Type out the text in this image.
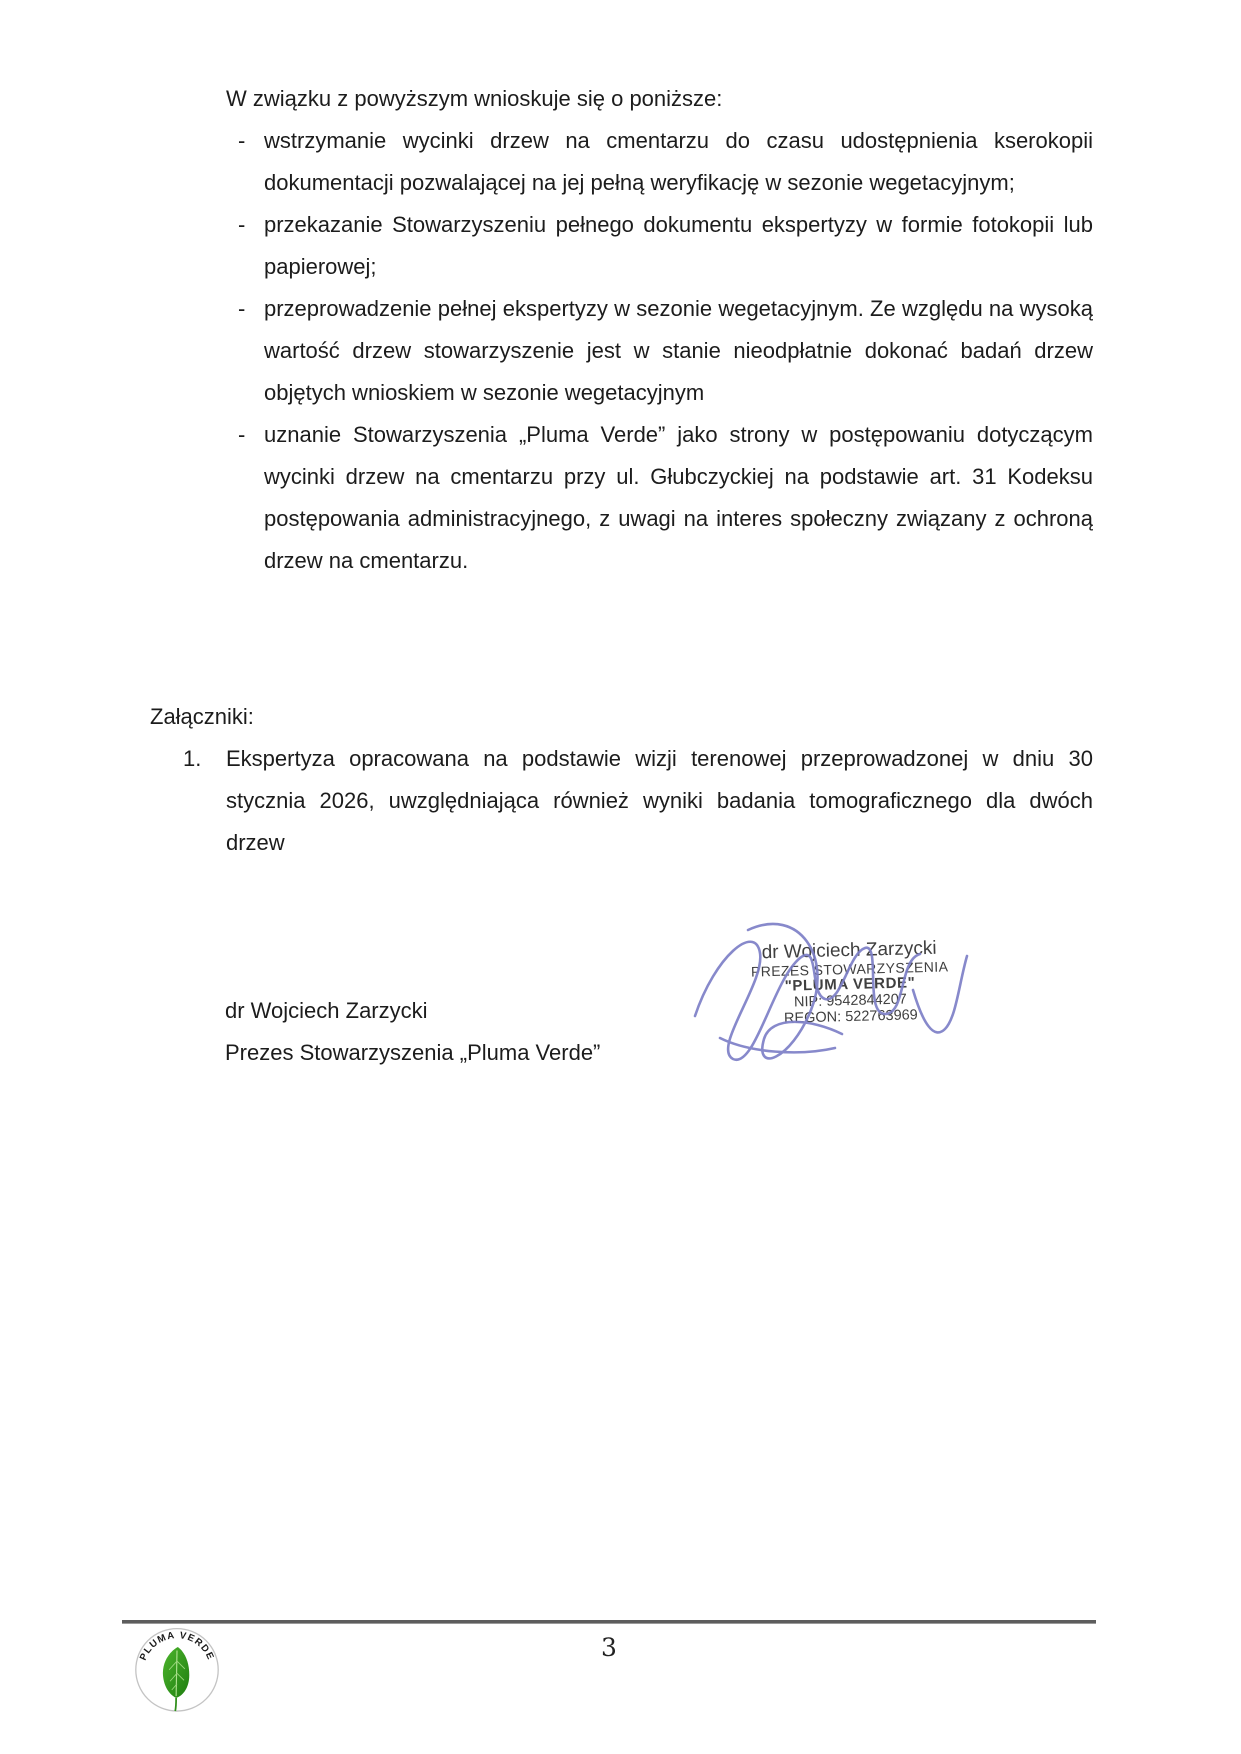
W związku z powyższym wnioskuje się o poniższe:

- wstrzymanie wycinki drzew na cmentarzu do czasu udostępnienia kserokopii dokumentacji pozwalającej na jej pełną weryfikację w sezonie wegetacyjnym;
- przekazanie Stowarzyszeniu pełnego dokumentu ekspertyzy w formie fotokopii lub papierowej;
- przeprowadzenie pełnej ekspertyzy w sezonie wegetacyjnym. Ze względu na wysoką wartość drzew stowarzyszenie jest w stanie nieodpłatnie dokonać badań drzew objętych wnioskiem w sezonie wegetacyjnym
- uznanie Stowarzyszenia „Pluma Verde” jako strony w postępowaniu dotyczącym wycinki drzew na cmentarzu przy ul. Głubczyckiej na podstawie art. 31 Kodeksu postępowania administracyjnego, z uwagi na interes społeczny związany z ochroną drzew na cmentarzu.

Załączniki:

1. Ekspertyza opracowana na podstawie wizji terenowej przeprowadzonej w dniu 30 stycznia 2026, uwzględniająca również wyniki badania tomograficznego dla dwóch drzew

dr Wojciech Zarzycki

Prezes Stowarzyszenia „Pluma Verde”

dr Wojciech Zarzycki
PREZES STOWARZYSZENIA
"PLUMA VERDE"
NIP: 9542844207
REGON: 522763969
3
PLUMA VERDE
